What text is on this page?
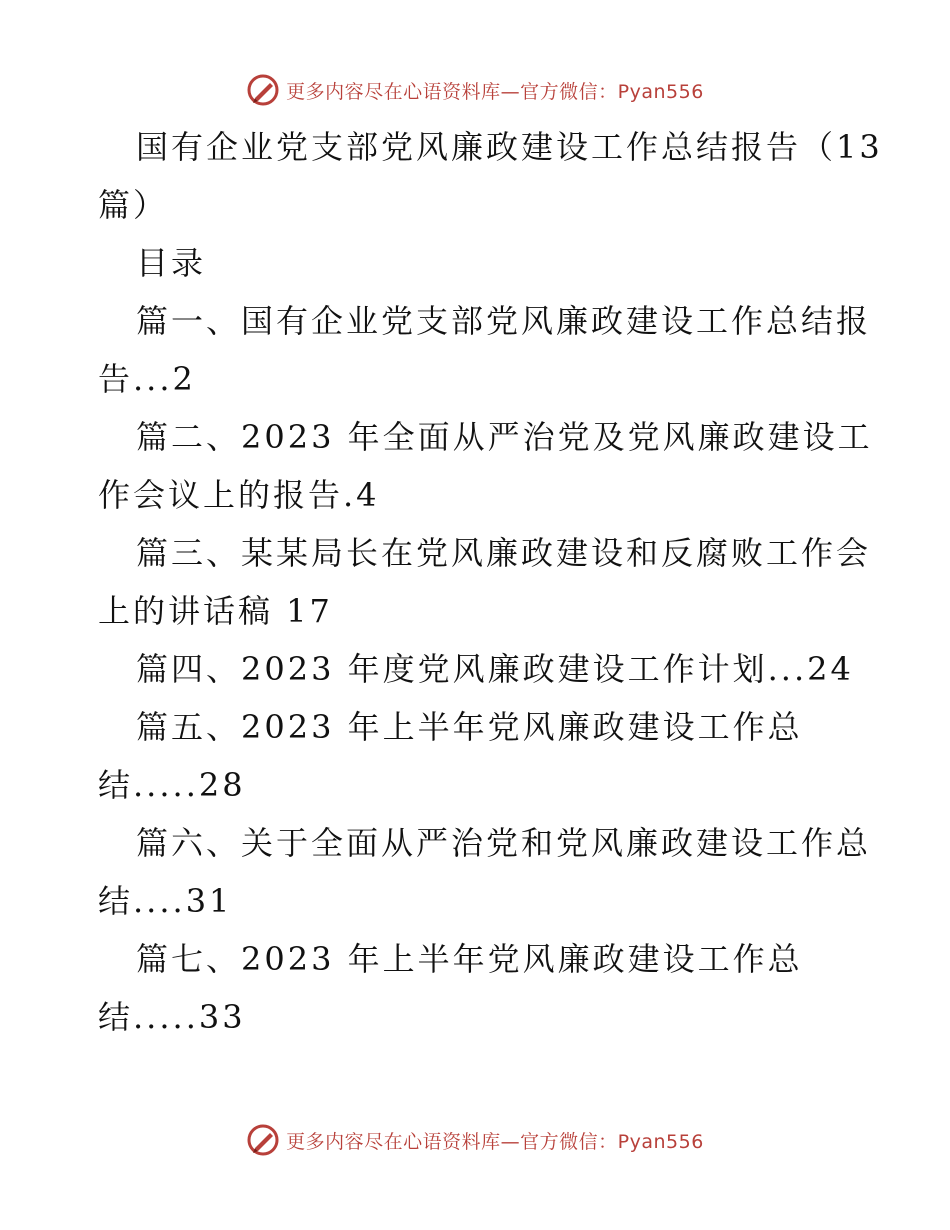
更多内容尽在心语资料库—官方微信：Pyan556

国有企业党支部党风廉政建设工作总结报告（13

篇）

目录

篇一、国有企业党支部党风廉政建设工作总结报

告...2

篇二、2023 年全面从严治党及党风廉政建设工

作会议上的报告.4

篇三、某某局长在党风廉政建设和反腐败工作会

上的讲话稿 17

篇四、2023 年度党风廉政建设工作计划...24

篇五、2023 年上半年党风廉政建设工作总

结.....28

篇六、关于全面从严治党和党风廉政建设工作总

结....31

篇七、2023 年上半年党风廉政建设工作总

结.....33

更多内容尽在心语资料库—官方微信：Pyan556
